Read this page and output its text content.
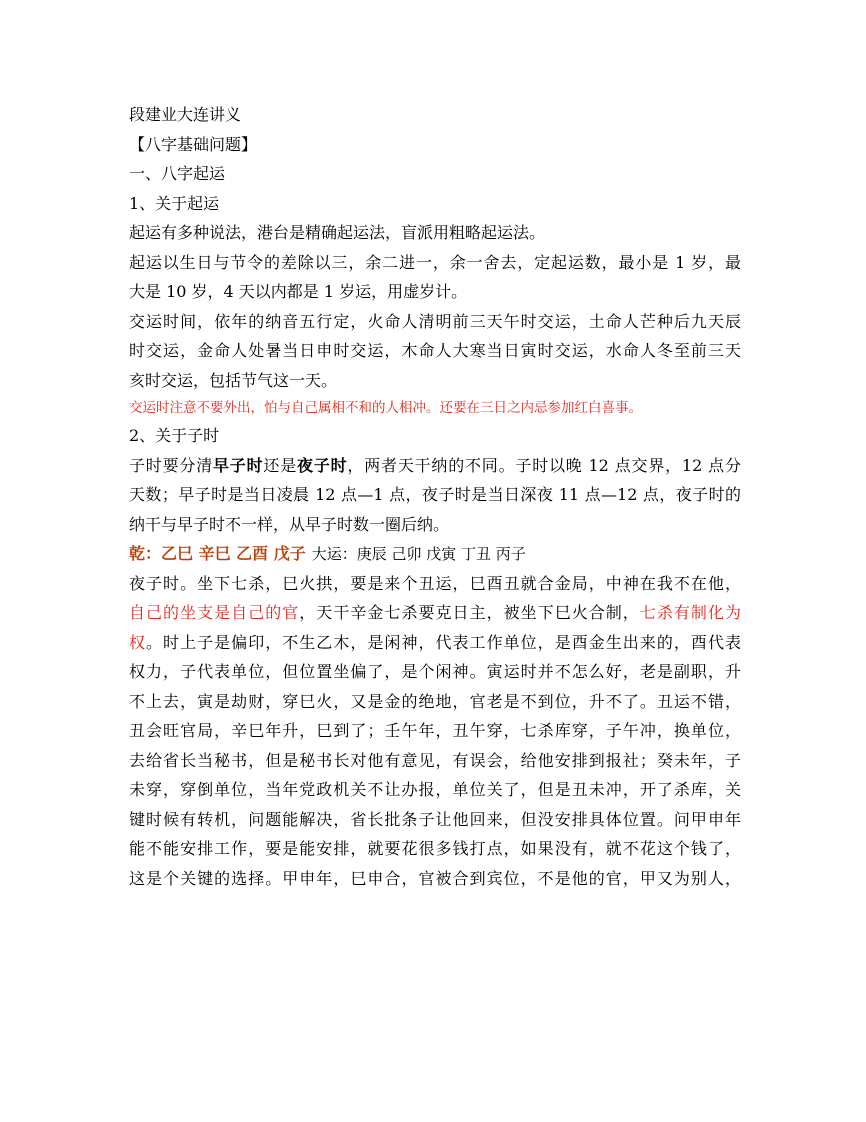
段建业大连讲义
【八字基础问题】
一、八字起运
1、关于起运
起运有多种说法，港台是精确起运法，盲派用粗略起运法。
起运以生日与节令的差除以三，余二进一，余一舍去，定起运数，最小是 1 岁，最
大是 10 岁，4 天以内都是 1 岁运，用虚岁计。
交运时间，依年的纳音五行定，火命人清明前三天午时交运，土命人芒种后九天辰
时交运，金命人处暑当日申时交运，木命人大寒当日寅时交运，水命人冬至前三天
亥时交运，包括节气这一天。
交运时注意不要外出，怕与自己属相不和的人相冲。还要在三日之内忌参加红白喜事。
2、关于子时
子时要分清早子时还是夜子时，两者天干纳的不同。子时以晚 12 点交界，12 点分
天数；早子时是当日凌晨 12 点—1 点，夜子时是当日深夜 11 点—12 点，夜子时的
纳干与早子时不一样，从早子时数一圈后纳。
乾：乙巳 辛巳 乙酉 戊子 大运：庚辰 己卯 戊寅 丁丑 丙子
夜子时。坐下七杀，巳火拱，要是来个丑运，巳酉丑就合金局，中神在我不在他，
自己的坐支是自己的官，天干辛金七杀要克日主，被坐下巳火合制，七杀有制化为
权。时上子是偏印，不生乙木，是闲神，代表工作单位，是酉金生出来的，酉代表
权力，子代表单位，但位置坐偏了，是个闲神。寅运时并不怎么好，老是副职，升
不上去，寅是劫财，穿巳火，又是金的绝地，官老是不到位，升不了。丑运不错，
丑会旺官局，辛巳年升，巳到了；壬午年，丑午穿，七杀库穿，子午冲，换单位，
去给省长当秘书，但是秘书长对他有意见，有误会，给他安排到报社；癸未年，子
未穿，穿倒单位，当年党政机关不让办报，单位关了，但是丑未冲，开了杀库，关
键时候有转机，问题能解决，省长批条子让他回来，但没安排具体位置。问甲申年
能不能安排工作，要是能安排，就要花很多钱打点，如果没有，就不花这个钱了，
这是个关键的选择。甲申年，巳申合，官被合到宾位，不是他的官，甲又为别人，
